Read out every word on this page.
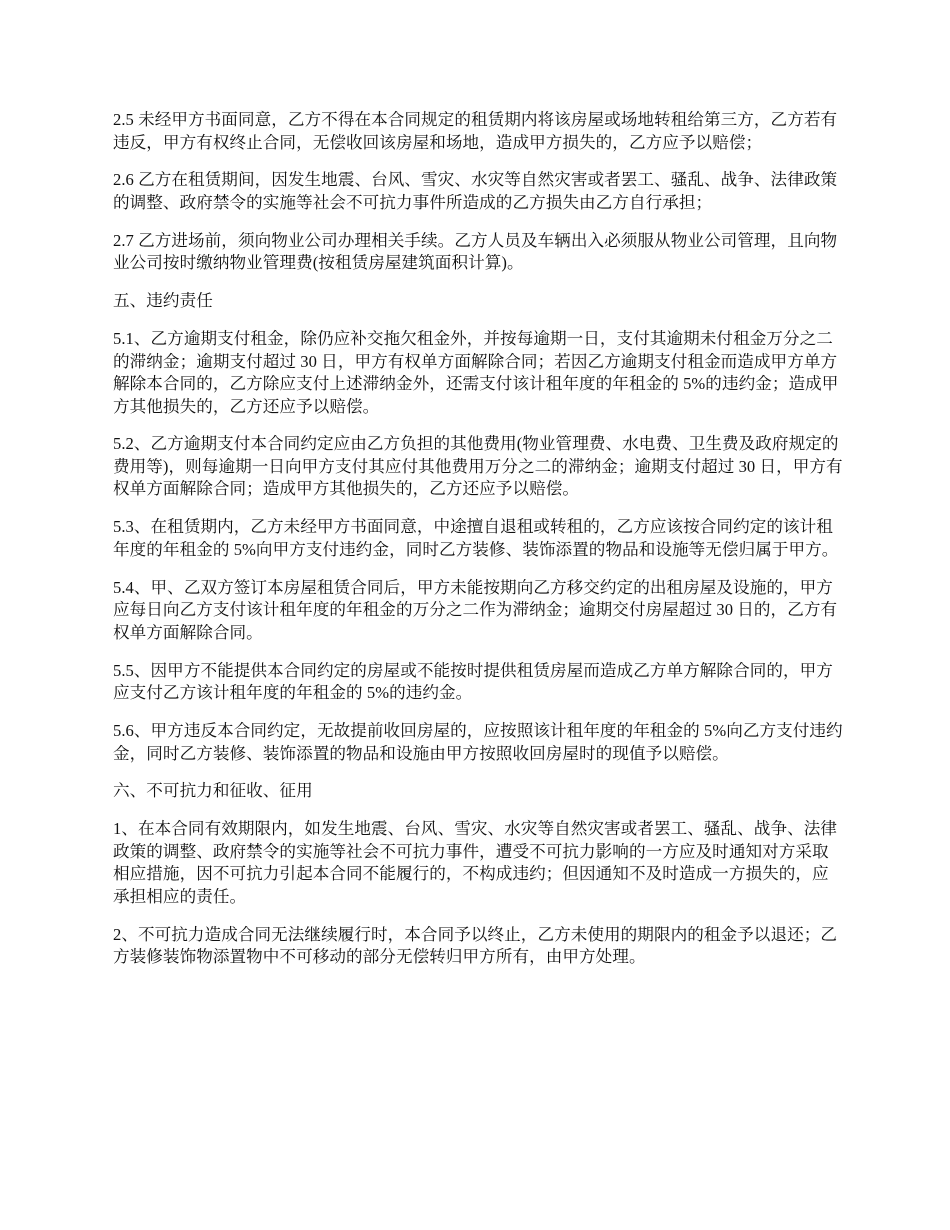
2.5 未经甲方书面同意，乙方不得在本合同规定的租赁期内将该房屋或场地转租给第三方，乙方若有违反，甲方有权终止合同，无偿收回该房屋和场地，造成甲方损失的，乙方应予以赔偿；

2.6 乙方在租赁期间，因发生地震、台风、雪灾、水灾等自然灾害或者罢工、骚乱、战争、法律政策的调整、政府禁令的实施等社会不可抗力事件所造成的乙方损失由乙方自行承担；

2.7 乙方进场前，须向物业公司办理相关手续。乙方人员及车辆出入必须服从物业公司管理，且向物业公司按时缴纳物业管理费(按租赁房屋建筑面积计算)。

五、违约责任

5.1、乙方逾期支付租金，除仍应补交拖欠租金外，并按每逾期一日，支付其逾期未付租金万分之二的滞纳金；逾期支付超过 30 日，甲方有权单方面解除合同；若因乙方逾期支付租金而造成甲方单方解除本合同的，乙方除应支付上述滞纳金外，还需支付该计租年度的年租金的 5%的违约金；造成甲方其他损失的，乙方还应予以赔偿。

5.2、乙方逾期支付本合同约定应由乙方负担的其他费用(物业管理费、水电费、卫生费及政府规定的费用等)，则每逾期一日向甲方支付其应付其他费用万分之二的滞纳金；逾期支付超过 30 日，甲方有权单方面解除合同；造成甲方其他损失的，乙方还应予以赔偿。

5.3、在租赁期内，乙方未经甲方书面同意，中途擅自退租或转租的，乙方应该按合同约定的该计租年度的年租金的 5%向甲方支付违约金，同时乙方装修、装饰添置的物品和设施等无偿归属于甲方。

5.4、甲、乙双方签订本房屋租赁合同后，甲方未能按期向乙方移交约定的出租房屋及设施的，甲方应每日向乙方支付该计租年度的年租金的万分之二作为滞纳金；逾期交付房屋超过 30 日的，乙方有权单方面解除合同。

5.5、因甲方不能提供本合同约定的房屋或不能按时提供租赁房屋而造成乙方单方解除合同的，甲方应支付乙方该计租年度的年租金的 5%的违约金。

5.6、甲方违反本合同约定，无故提前收回房屋的，应按照该计租年度的年租金的 5%向乙方支付违约金，同时乙方装修、装饰添置的物品和设施由甲方按照收回房屋时的现值予以赔偿。

六、不可抗力和征收、征用

1、在本合同有效期限内，如发生地震、台风、雪灾、水灾等自然灾害或者罢工、骚乱、战争、法律政策的调整、政府禁令的实施等社会不可抗力事件，遭受不可抗力影响的一方应及时通知对方采取相应措施，因不可抗力引起本合同不能履行的，不构成违约；但因通知不及时造成一方损失的，应承担相应的责任。

2、不可抗力造成合同无法继续履行时，本合同予以终止，乙方未使用的期限内的租金予以退还；乙方装修装饰物添置物中不可移动的部分无偿转归甲方所有，由甲方处理。
